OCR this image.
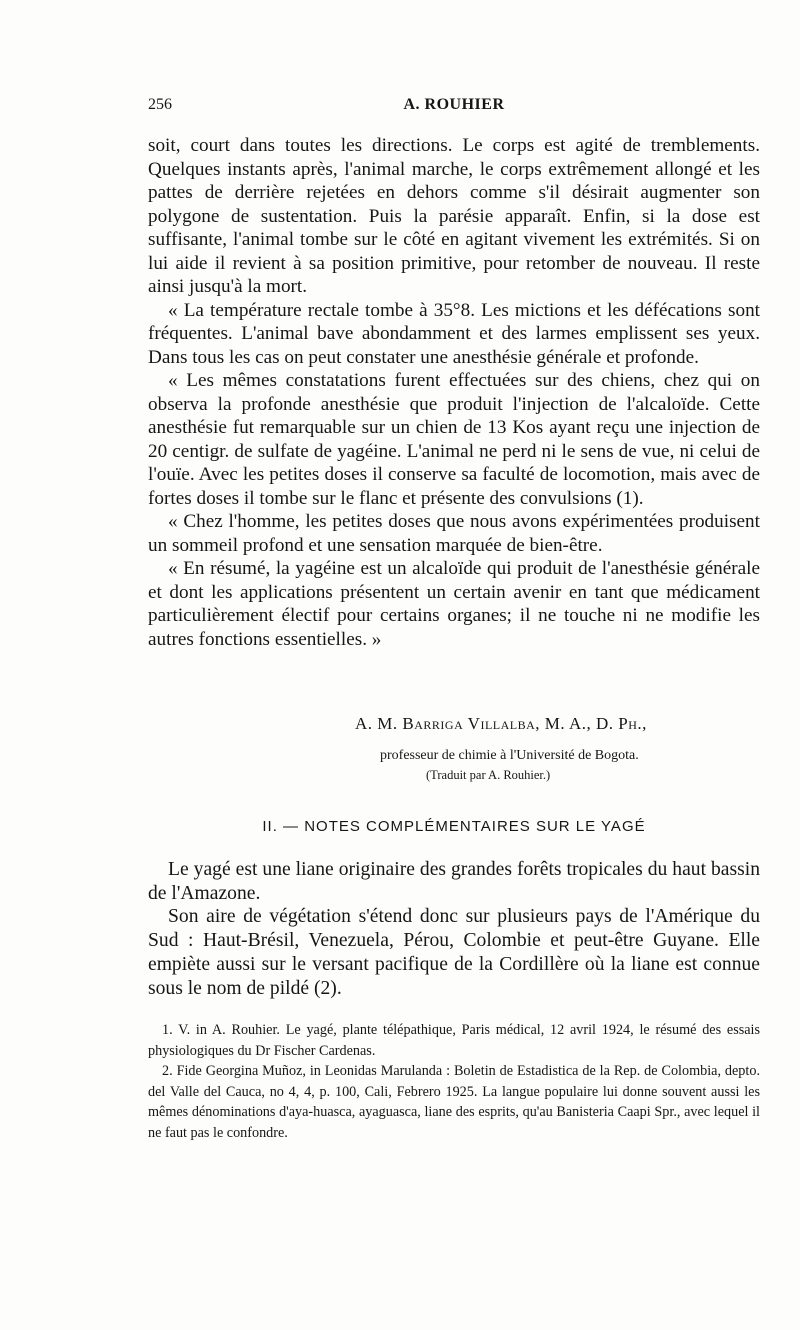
256	A. ROUHIER

soit, court dans toutes les directions. Le corps est agité de tremblements. Quelques instants après, l'animal marche, le corps extrêmement allongé et les pattes de derrière rejetées en dehors comme s'il désirait augmenter son polygone de sustentation. Puis la parésie apparaît. Enfin, si la dose est suffisante, l'animal tombe sur le côté en agitant vivement les extrémités. Si on lui aide il revient à sa position primitive, pour retomber de nouveau. Il reste ainsi jusqu'à la mort.

« La température rectale tombe à 35°8. Les mictions et les défécations sont fréquentes. L'animal bave abondamment et des larmes emplissent ses yeux. Dans tous les cas on peut constater une anesthésie générale et profonde.

« Les mêmes constatations furent effectuées sur des chiens, chez qui on observa la profonde anesthésie que produit l'injection de l'alcaloïde. Cette anesthésie fut remarquable sur un chien de 13 Kos ayant reçu une injection de 20 centigr. de sulfate de yagéine. L'animal ne perd ni le sens de vue, ni celui de l'ouïe. Avec les petites doses il conserve sa faculté de locomotion, mais avec de fortes doses il tombe sur le flanc et présente des convulsions (1).

« Chez l'homme, les petites doses que nous avons expérimentées produisent un sommeil profond et une sensation marquée de bien-être.

« En résumé, la yagéine est un alcaloïde qui produit de l'anesthésie générale et dont les applications présentent un certain avenir en tant que médicament particulièrement électif pour certains organes; il ne touche ni ne modifie les autres fonctions essentielles. »

A. M. Barriga Villalba, M. A., D. Ph.,
professeur de chimie à l'Université de Bogota.
(Traduit par A. Rouhier.)
II. — NOTES COMPLÉMENTAIRES SUR LE YAGÉ

Le yagé est une liane originaire des grandes forêts tropicales du haut bassin de l'Amazone.

Son aire de végétation s'étend donc sur plusieurs pays de l'Amérique du Sud : Haut-Brésil, Venezuela, Pérou, Colombie et peut-être Guyane. Elle empiète aussi sur le versant pacifique de la Cordillère où la liane est connue sous le nom de pildé (2).

1. V. in A. Rouhier. Le yagé, plante télépathique, Paris médical, 12 avril 1924, le résumé des essais physiologiques du Dr Fischer Cardenas.

2. Fide Georgina Muñoz, in Leonidas Marulanda : Boletin de Estadistica de la Rep. de Colombia, depto. del Valle del Cauca, no 4, 4, p. 100, Cali, Febrero 1925. La langue populaire lui donne souvent aussi les mêmes dénominations d'aya-huasca, ayaguasca, liane des esprits, qu'au Banisteria Caapi Spr., avec lequel il ne faut pas le confondre.
